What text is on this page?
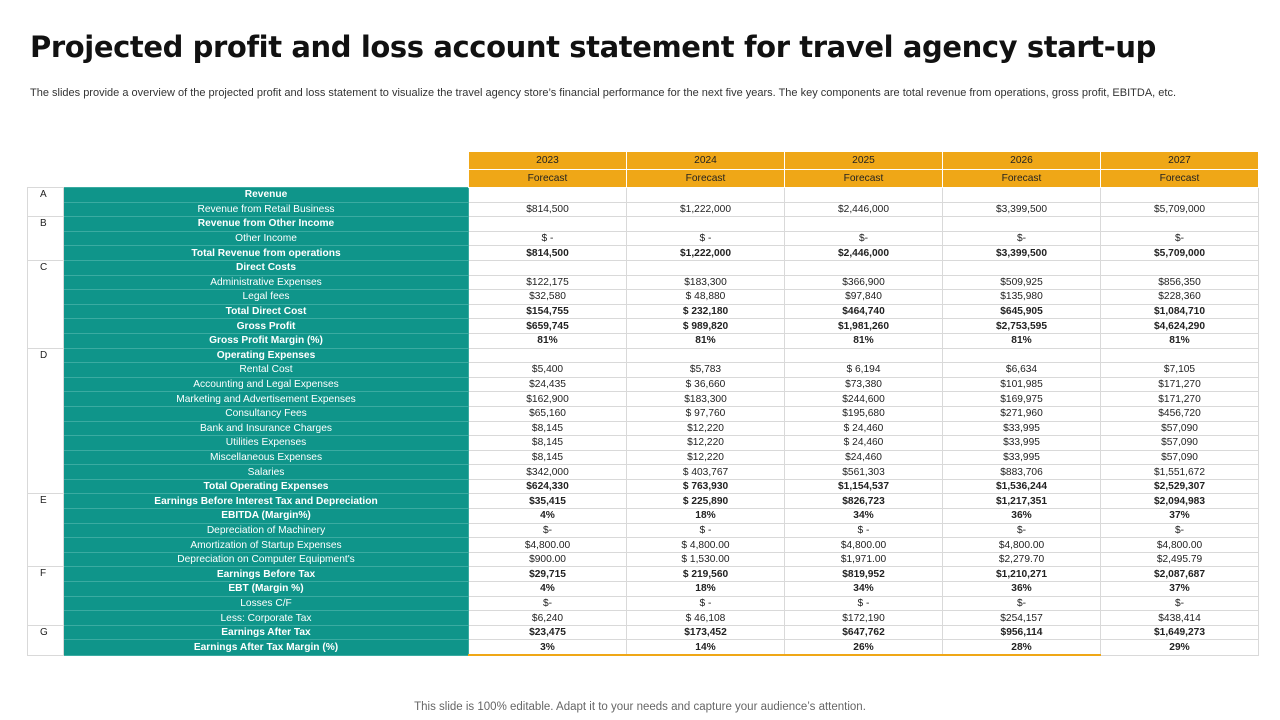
Projected profit and loss account statement for travel agency start-up
The slides provide a overview of the projected profit and loss statement to visualize the travel agency store’s financial performance for the next five years. The key components are total revenue from operations, gross profit, EBITDA, etc.
		2023	2024	2025	2026	2027
		Forecast	Forecast	Forecast	Forecast	Forecast
A	Revenue					
	Revenue from Retail Business	$814,500	$1,222,000	$2,446,000	$3,399,500	$5,709,000
B	Revenue from Other Income					
	Other Income	$ -	$ -	$-	$-	$-
	Total Revenue from operations	$814,500	$1,222,000	$2,446,000	$3,399,500	$5,709,000
C	Direct Costs					
	Administrative Expenses	$122,175	$183,300	$366,900	$509,925	$856,350
	Legal fees	$32,580	$ 48,880	$97,840	$135,980	$228,360
	Total Direct Cost	$154,755	$ 232,180	$464,740	$645,905	$1,084,710
	Gross Profit	$659,745	$ 989,820	$1,981,260	$2,753,595	$4,624,290
	Gross Profit Margin (%)	81%	81%	81%	81%	81%
D	Operating Expenses					
	Rental Cost	$5,400	$5,783	$ 6,194	$6,634	$7,105
	Accounting and Legal Expenses	$24,435	$ 36,660	$73,380	$101,985	$171,270
	Marketing and Advertisement Expenses	$162,900	$183,300	$244,600	$169,975	$171,270
	Consultancy Fees	$65,160	$ 97,760	$195,680	$271,960	$456,720
	Bank and Insurance Charges	$8,145	$12,220	$ 24,460	$33,995	$57,090
	Utilities Expenses	$8,145	$12,220	$ 24,460	$33,995	$57,090
	Miscellaneous Expenses	$8,145	$12,220	$24,460	$33,995	$57,090
	Salaries	$342,000	$ 403,767	$561,303	$883,706	$1,551,672
	Total Operating Expenses	$624,330	$ 763,930	$1,154,537	$1,536,244	$2,529,307
E	Earnings Before Interest Tax and Depreciation	$35,415	$ 225,890	$826,723	$1,217,351	$2,094,983
	EBITDA (Margin%)	4%	18%	34%	36%	37%
	Depreciation of Machinery	$-	$ -	$ -	$-	$-
	Amortization of Startup Expenses	$4,800.00	$ 4,800.00	$4,800.00	$4,800.00	$4,800.00
	Depreciation on Computer Equipment's	$900.00	$ 1,530.00	$1,971.00	$2,279.70	$2,495.79
F	Earnings Before Tax	$29,715	$ 219,560	$819,952	$1,210,271	$2,087,687
	EBT (Margin %)	4%	18%	34%	36%	37%
	Losses C/F	$-	$ -	$ -	$-	$-
	Less: Corporate Tax	$6,240	$ 46,108	$172,190	$254,157	$438,414
G	Earnings After Tax	$23,475	$173,452	$647,762	$956,114	$1,649,273
	Earnings After Tax Margin (%)	3%	14%	26%	28%	29%
This slide is 100% editable. Adapt it to your needs and capture your audience’s attention.
